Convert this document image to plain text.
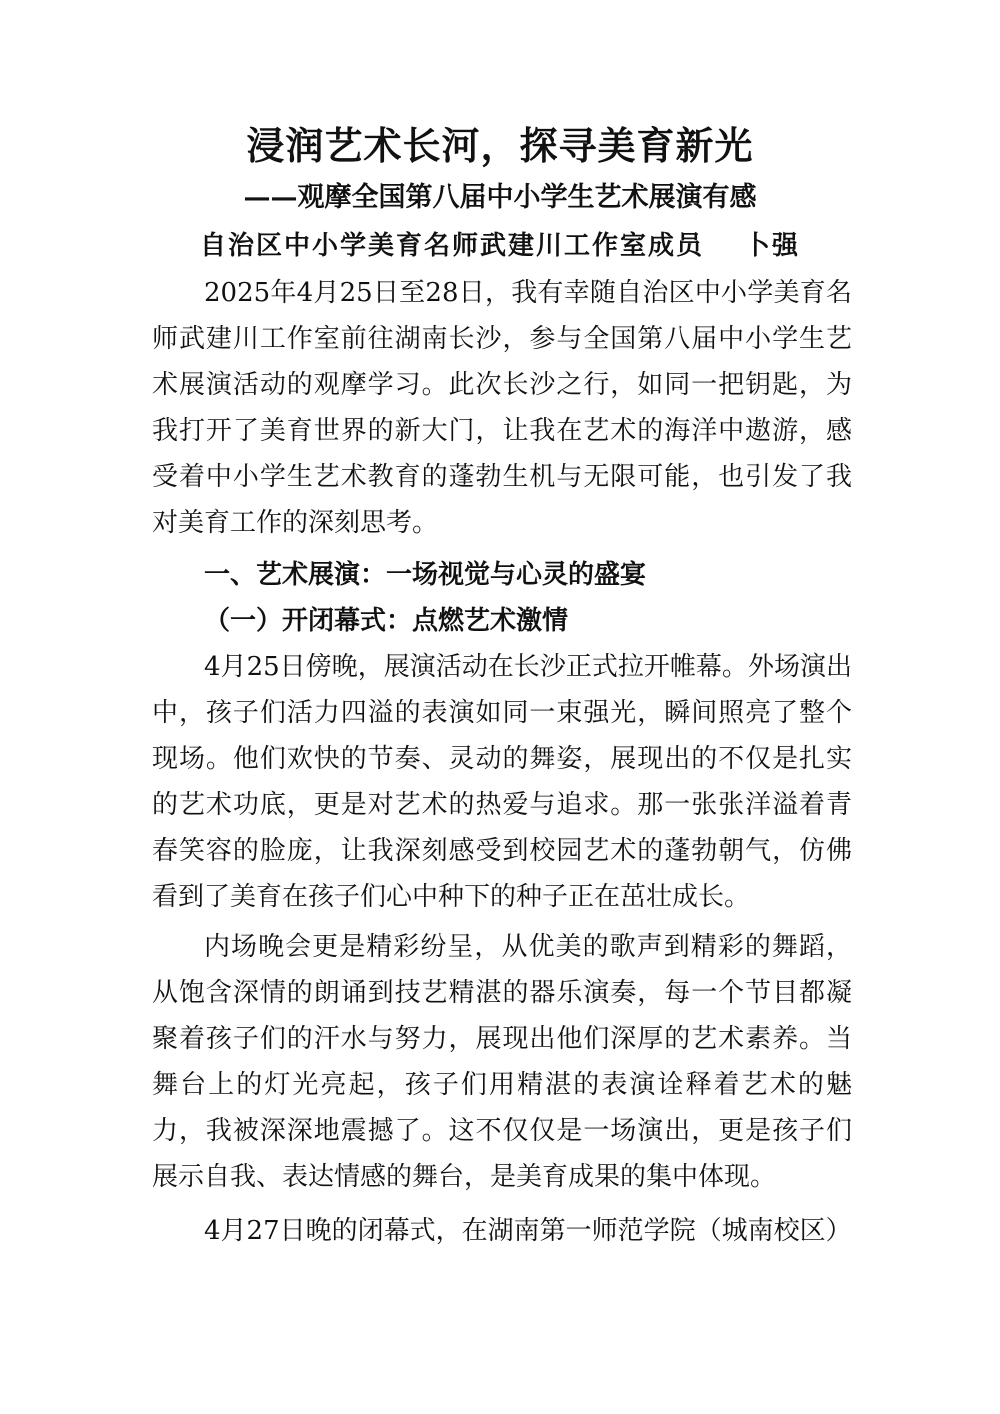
浸润艺术长河，探寻美育新光
——观摩全国第八届中小学生艺术展演有感
自治区中小学美育名师武建川工作室成员 卜强

2025年4月25日至28日，我有幸随自治区中小学美育名师武建川工作室前往湖南长沙，参与全国第八届中小学生艺术展演活动的观摩学习。此次长沙之行，如同一把钥匙，为我打开了美育世界的新大门，让我在艺术的海洋中遨游，感受着中小学生艺术教育的蓬勃生机与无限可能，也引发了我对美育工作的深刻思考。

一、艺术展演：一场视觉与心灵的盛宴
（一）开闭幕式：点燃艺术激情

4月25日傍晚，展演活动在长沙正式拉开帷幕。外场演出中，孩子们活力四溢的表演如同一束强光，瞬间照亮了整个现场。他们欢快的节奏、灵动的舞姿，展现出的不仅是扎实的艺术功底，更是对艺术的热爱与追求。那一张张洋溢着青春笑容的脸庞，让我深刻感受到校园艺术的蓬勃朝气，仿佛看到了美育在孩子们心中种下的种子正在茁壮成长。

内场晚会更是精彩纷呈，从优美的歌声到精彩的舞蹈，从饱含深情的朗诵到技艺精湛的器乐演奏，每一个节目都凝聚着孩子们的汗水与努力，展现出他们深厚的艺术素养。当舞台上的灯光亮起，孩子们用精湛的表演诠释着艺术的魅力，我被深深地震撼了。这不仅仅是一场演出，更是孩子们展示自我、表达情感的舞台，是美育成果的集中体现。

4月27日晚的闭幕式，在湖南第一师范学院（城南校区）
